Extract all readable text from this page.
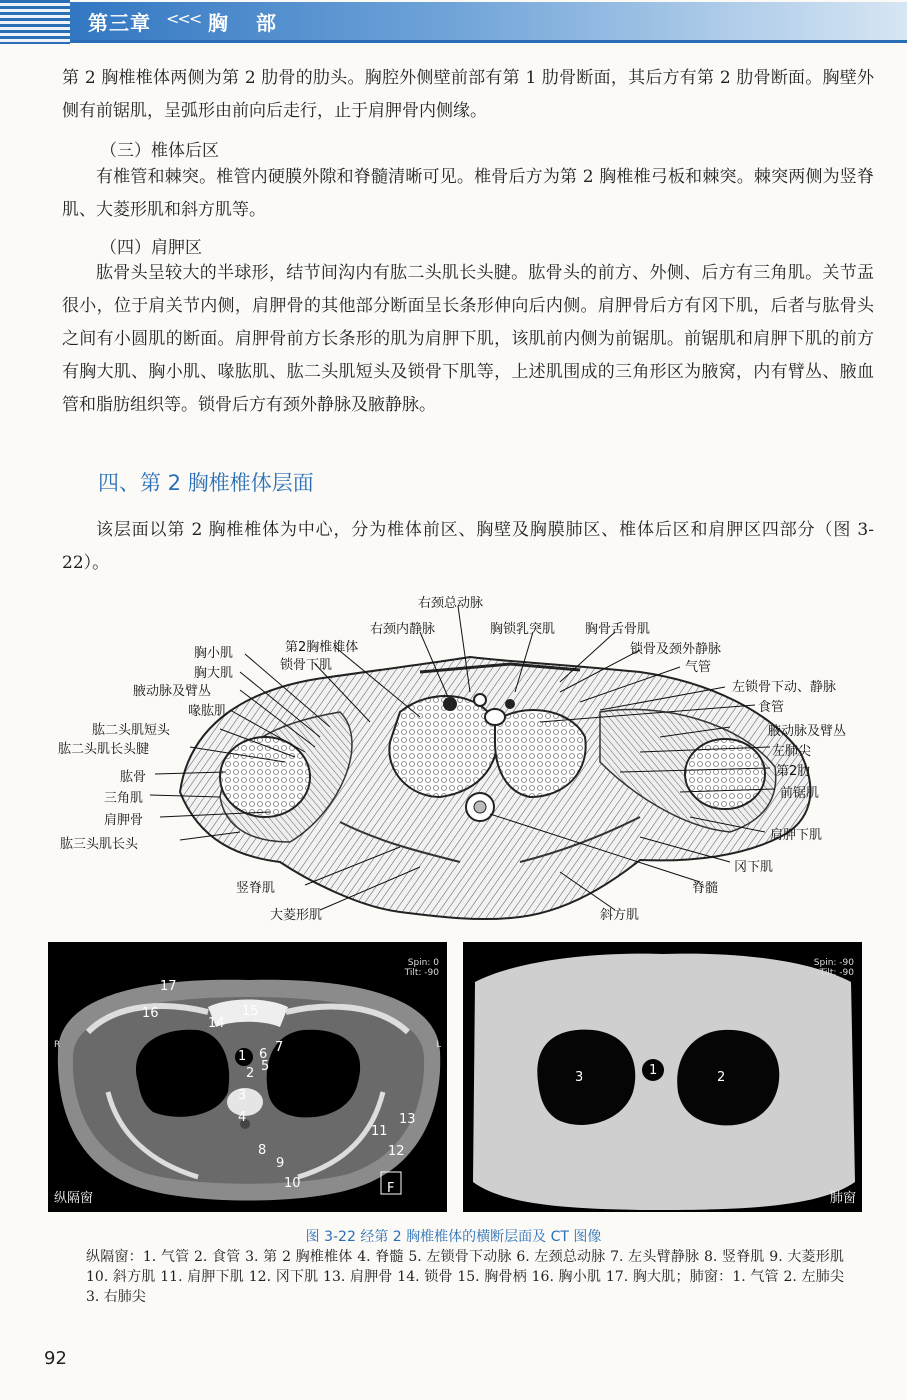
第三章 <<< 胸部

第 2 胸椎椎体两侧为第 2 肋骨的肋头。胸腔外侧壁前部有第 1 肋骨断面，其后方有第 2 肋骨断面。胸壁外侧有前锯肌，呈弧形由前向后走行，止于肩胛骨内侧缘。

（三）椎体后区

有椎管和棘突。椎管内硬膜外隙和脊髓清晰可见。椎骨后方为第 2 胸椎椎弓板和棘突。棘突两侧为竖脊肌、大菱形肌和斜方肌等。

（四）肩胛区

肱骨头呈较大的半球形，结节间沟内有肱二头肌长头腱。肱骨头的前方、外侧、后方有三角肌。关节盂很小，位于肩关节内侧，肩胛骨的其他部分断面呈长条形伸向后内侧。肩胛骨后方有冈下肌，后者与肱骨头之间有小圆肌的断面。肩胛骨前方长条形的肌为肩胛下肌，该肌前内侧为前锯肌。前锯肌和肩胛下肌的前方有胸大肌、胸小肌、喙肱肌、肱二头肌短头及锁骨下肌等，上述肌围成的三角形区为腋窝，内有臂丛、腋血管和脂肪组织等。锁骨后方有颈外静脉及腋静脉。

四、第 2 胸椎椎体层面

该层面以第 2 胸椎椎体为中心，分为椎体前区、胸壁及胸膜肺区、椎体后区和肩胛区四部分（图 3-22）。

右颈总动脉
右颈内静脉	胸锁乳突肌 胸骨舌骨肌
第2胸椎椎体
锁骨下肌
胸小肌
胸大肌
腋动脉及臂丛
喙肱肌
肱二头肌短头
肱二头肌长头腱
肱骨
三角肌
肩胛骨
肱三头肌长头
锁骨及颈外静脉
气管
左锁骨下动、静脉
食管
腋动脉及臂丛
左肺尖
第2肋
前锯肌
肩胛下肌
冈下肌
脊髓
竖脊肌
大菱形肌	斜方肌
Spin: 0
Tilt: -90
R	L
1
2
3
4
5
6 7
8
9
10
11
12
13
14
15
16
17
纵隔窗
F
Spin: -90
Tilt: -90
1	2
3
肺窗
图 3-22 经第 2 胸椎椎体的横断层面及 CT 图像

纵隔窗：1. 气管 2. 食管 3. 第 2 胸椎椎体 4. 脊髓 5. 左锁骨下动脉 6. 左颈总动脉 7. 左头臂静脉 8. 竖脊肌 9. 大菱形肌 10. 斜方肌 11. 肩胛下肌 12. 冈下肌 13. 肩胛骨 14. 锁骨 15. 胸骨柄 16. 胸小肌 17. 胸大肌；肺窗：1. 气管 2. 左肺尖 3. 右肺尖

92
